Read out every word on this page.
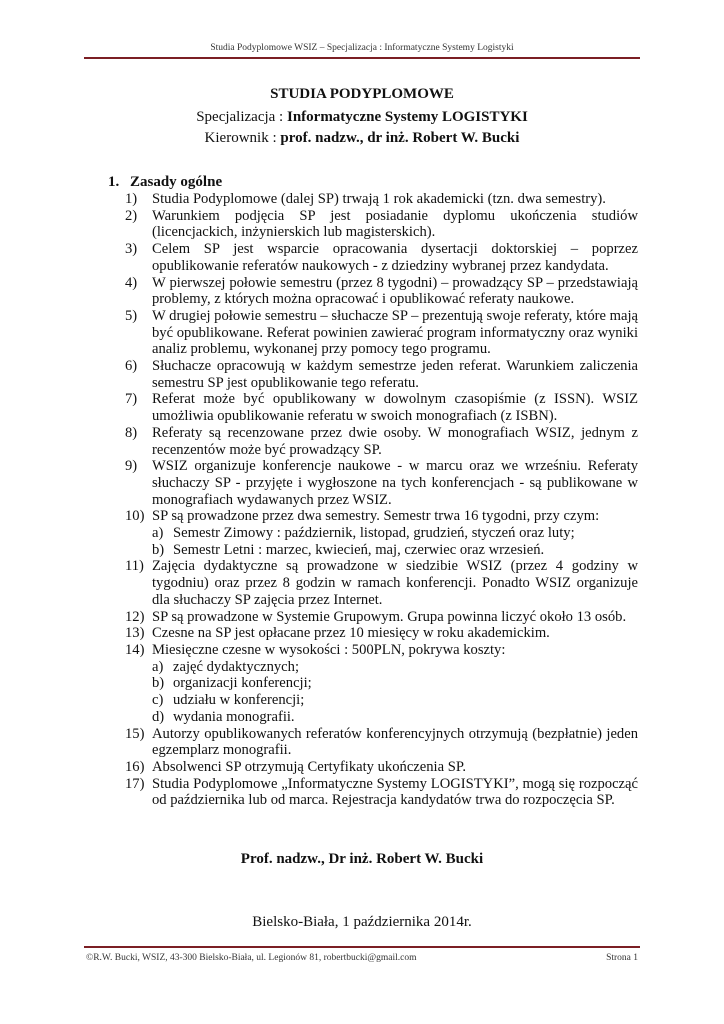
Studia Podyplomowe WSIZ – Specjalizacja : Informatyczne Systemy Logistyki
STUDIA PODYPLOMOWE
Specjalizacja : Informatyczne Systemy LOGISTYKI
Kierownik : prof. nadzw., dr inż. Robert W. Bucki
1. Zasady ogólne
1)	Studia Podyplomowe (dalej SP) trwają 1 rok akademicki (tzn. dwa semestry).
2)	Warunkiem podjęcia SP jest posiadanie dyplomu ukończenia studiów (licencjackich, inżynierskich lub magisterskich).
3)	Celem SP jest wsparcie opracowania dysertacji doktorskiej – poprzez opublikowanie referatów naukowych - z dziedziny wybranej przez kandydata.
4)	W pierwszej połowie semestru (przez 8 tygodni) – prowadzący SP – przedstawiają problemy, z których można opracować i opublikować referaty naukowe.
5)	W drugiej połowie semestru – słuchacze SP – prezentują swoje referaty, które mają być opublikowane. Referat powinien zawierać program informatyczny oraz wyniki analiz problemu, wykonanej przy pomocy tego programu.
6)	Słuchacze opracowują w każdym semestrze jeden referat. Warunkiem zaliczenia semestru SP jest opublikowanie tego referatu.
7)	Referat może być opublikowany w dowolnym czasopiśmie (z ISSN). WSIZ umożliwia opublikowanie referatu w swoich monografiach (z ISBN).
8)	Referaty są recenzowane przez dwie osoby. W monografiach WSIZ, jednym z recenzentów może być prowadzący SP.
9)	WSIZ organizuje konferencje naukowe - w marcu oraz we wrześniu. Referaty słuchaczy SP - przyjęte i wygłoszone na tych konferencjach - są publikowane w monografiach wydawanych przez WSIZ.
10) SP są prowadzone przez dwa semestry. Semestr trwa 16 tygodni, przy czym:
a) Semestr Zimowy : październik, listopad, grudzień, styczeń oraz luty;
b) Semestr Letni : marzec, kwiecień, maj, czerwiec oraz wrzesień.
11) Zajęcia dydaktyczne są prowadzone w siedzibie WSIZ (przez 4 godziny w tygodniu) oraz przez 8 godzin w ramach konferencji. Ponadto WSIZ organizuje dla słuchaczy SP zajęcia przez Internet.
12) SP są prowadzone w Systemie Grupowym. Grupa powinna liczyć około 13 osób.
13) Czesne na SP jest opłacane przez 10 miesięcy w roku akademickim.
14) Miesięczne czesne w wysokości : 500PLN, pokrywa koszty:
a) zajęć dydaktycznych;
b) organizacji konferencji;
c) udziału w konferencji;
d) wydania monografii.
15) Autorzy opublikowanych referatów konferencyjnych otrzymują (bezpłatnie) jeden egzemplarz monografii.
16) Absolwenci SP otrzymują Certyfikaty ukończenia SP.
17) Studia Podyplomowe „Informatyczne Systemy LOGISTYKI”, mogą się rozpocząć od października lub od marca. Rejestracja kandydatów trwa do rozpoczęcia SP.
Prof. nadzw., Dr inż. Robert W. Bucki
Bielsko-Biała, 1 października 2014r.
©R.W. Bucki, WSIZ, 43-300 Bielsko-Biała, ul. Legionów 81, robertbucki@gmail.com	Strona 1
